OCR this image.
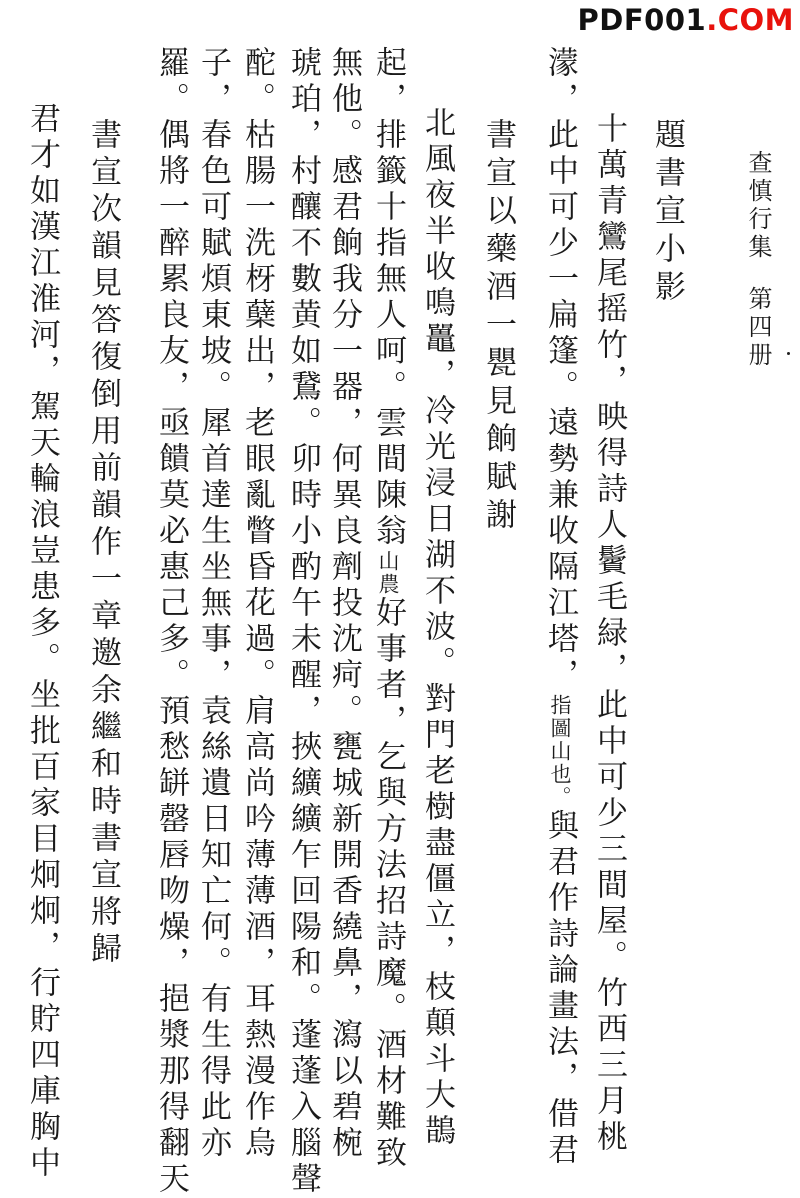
PDF001.COM
查慎行集第四册
題書宣小影
十萬青鸞尾摇竹，映得詩人鬢毛緑，此中可少三間屋。竹西三月桃
濛，此中可少一扁篷。遠勢兼收隔江塔，指圖山也。與君作詩論畫法，借君
書宣以藥酒一甖見餉賦謝
北風夜半收鳴鼉，冷光浸日湖不波。對門老樹盡僵立，枝顛斗大鵲
起，排籤十指無人呵。雲間陳翁山農好事者，乞與方法招詩魔。酒材難致
無他。感君餉我分一器，何異良劑投沈疴。甕城新開香繞鼻，瀉以碧椀
琥珀，村釀不數黄如鵞。卯時小酌午未醒，挾纊纊乍回陽和。蓬蓬入腦聲
酡。枯腸一洗枒蘖出，老眼亂瞥昏花過。肩高尚吟薄薄酒，耳熱漫作烏
子，春色可賦煩東坡。犀首達生坐無事，袁絲遺日知亡何。有生得此亦
羅。偶將一醉累良友，亟饋莫必惠己多。預愁缾罄唇吻燥，挹漿那得翻天
書宣次韻見答復倒用前韻作一章邀余繼和時書宣將歸
君才如漢江淮河，駕天輪浪豈患多。坐批百家目炯炯，行貯四庫胸中
